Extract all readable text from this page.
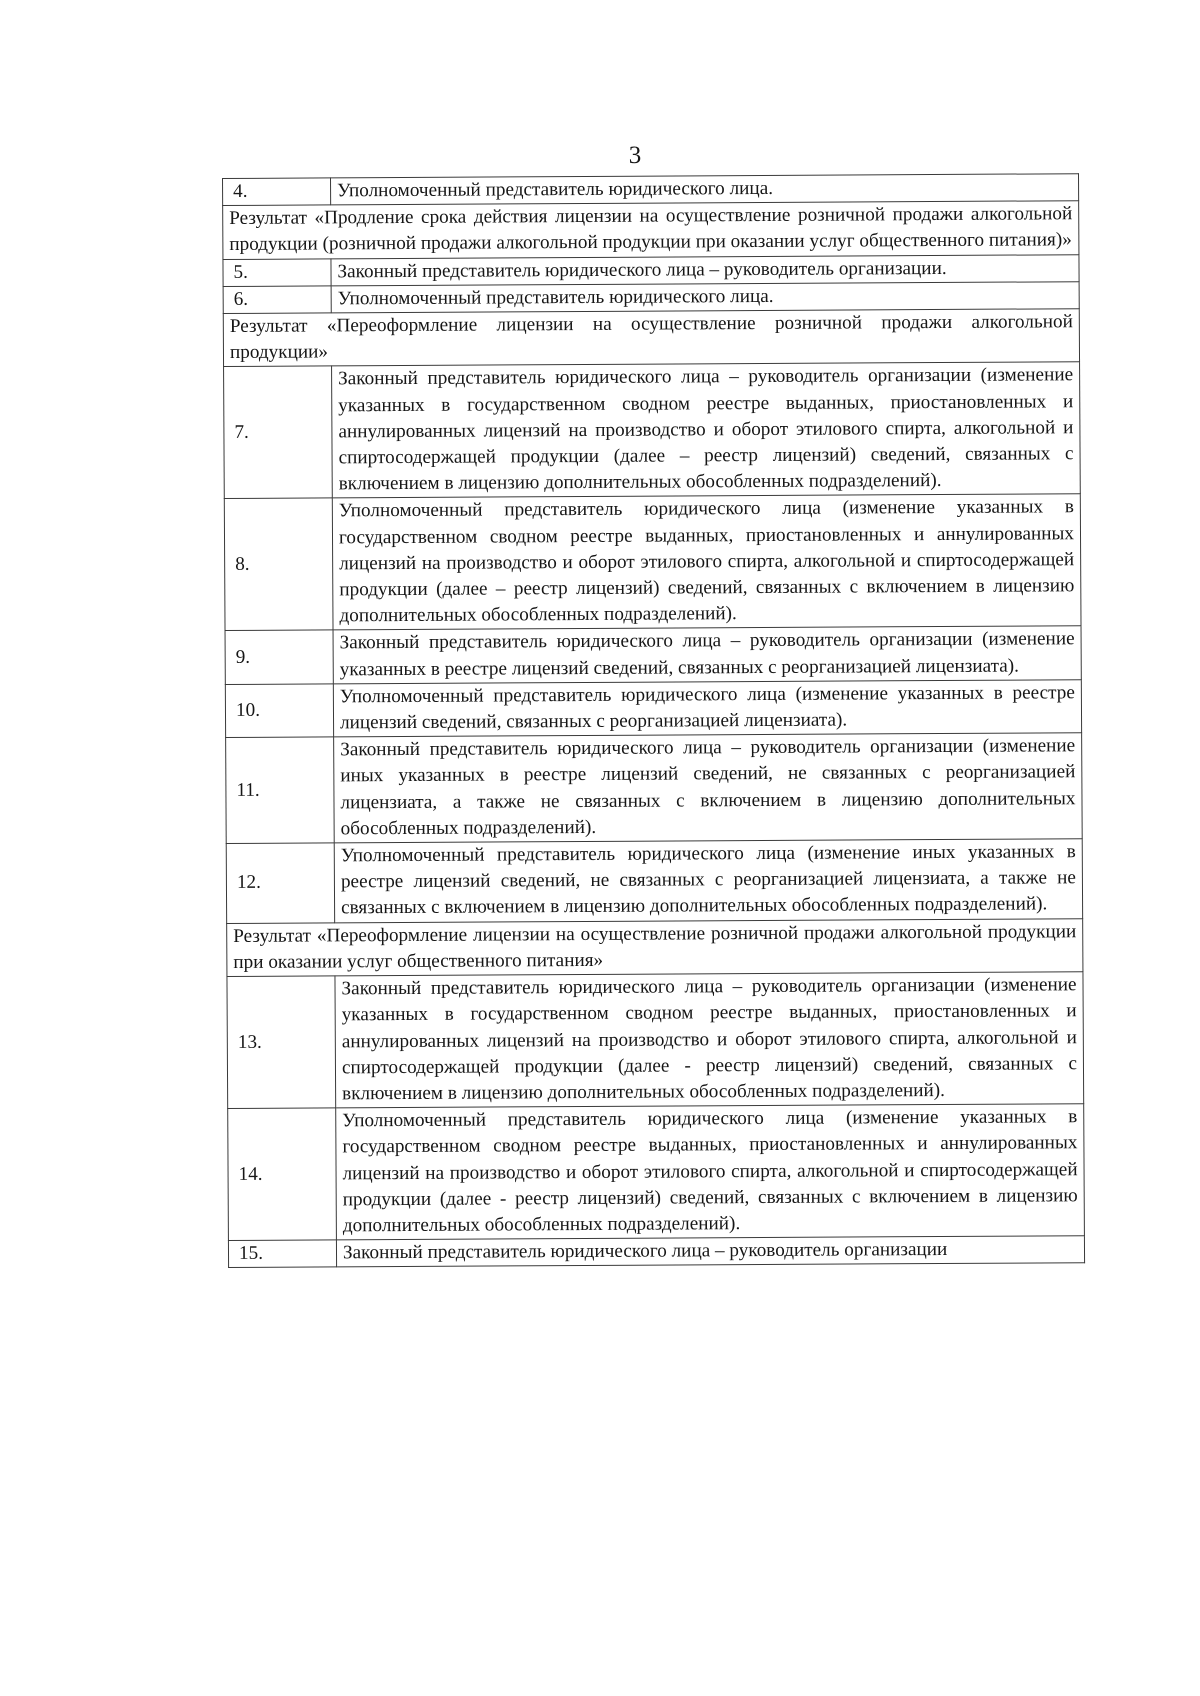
3
4.	Уполномоченный представитель юридического лица.
Результат «Продление срока действия лицензии на осуществление розничной продажи алкогольной продукции (розничной продажи алкогольной продукции при оказании услуг общественного питания)»	
5.	Законный представитель юридического лица – руководитель организации.
6.	Уполномоченный представитель юридического лица.
Результат «Переоформление лицензии на осуществление розничной продажи алкогольной продукции»	
7.	Законный представитель юридического лица – руководитель организации (изменение указанных в государственном сводном реестре выданных, приостановленных и аннулированных лицензий на производство и оборот этилового спирта, алкогольной и спиртосодержащей продукции (далее – реестр лицензий) сведений, связанных с включением в лицензию дополнительных обособленных подразделений).
8.	Уполномоченный представитель юридического лица (изменение указанных в государственном сводном реестре выданных, приостановленных и аннулированных лицензий на производство и оборот этилового спирта, алкогольной и спиртосодержащей продукции (далее – реестр лицензий) сведений, связанных с включением в лицензию дополнительных обособленных подразделений).
9.	Законный представитель юридического лица – руководитель организации (изменение указанных в реестре лицензий сведений, связанных с реорганизацией лицензиата).
10.	Уполномоченный представитель юридического лица (изменение указанных в реестре лицензий сведений, связанных с реорганизацией лицензиата).
11.	Законный представитель юридического лица – руководитель организации (изменение иных указанных в реестре лицензий сведений, не связанных с реорганизацией лицензиата, а также не связанных с включением в лицензию дополнительных обособленных подразделений).
12.	Уполномоченный представитель юридического лица (изменение иных указанных в реестре лицензий сведений, не связанных с реорганизацией лицензиата, а также не связанных с включением в лицензию дополнительных обособленных подразделений).
Результат «Переоформление лицензии на осуществление розничной продажи алкогольной продукции при оказании услуг общественного питания»	
13.	Законный представитель юридического лица – руководитель организации (изменение указанных в государственном сводном реестре выданных, приостановленных и аннулированных лицензий на производство и оборот этилового спирта, алкогольной и спиртосодержащей продукции (далее - реестр лицензий) сведений, связанных с включением в лицензию дополнительных обособленных подразделений).
14.	Уполномоченный представитель юридического лица (изменение указанных в государственном сводном реестре выданных, приостановленных и аннулированных лицензий на производство и оборот этилового спирта, алкогольной и спиртосодержащей продукции (далее - реестр лицензий) сведений, связанных с включением в лицензию дополнительных обособленных подразделений).
15.	Законный представитель юридического лица – руководитель организации
